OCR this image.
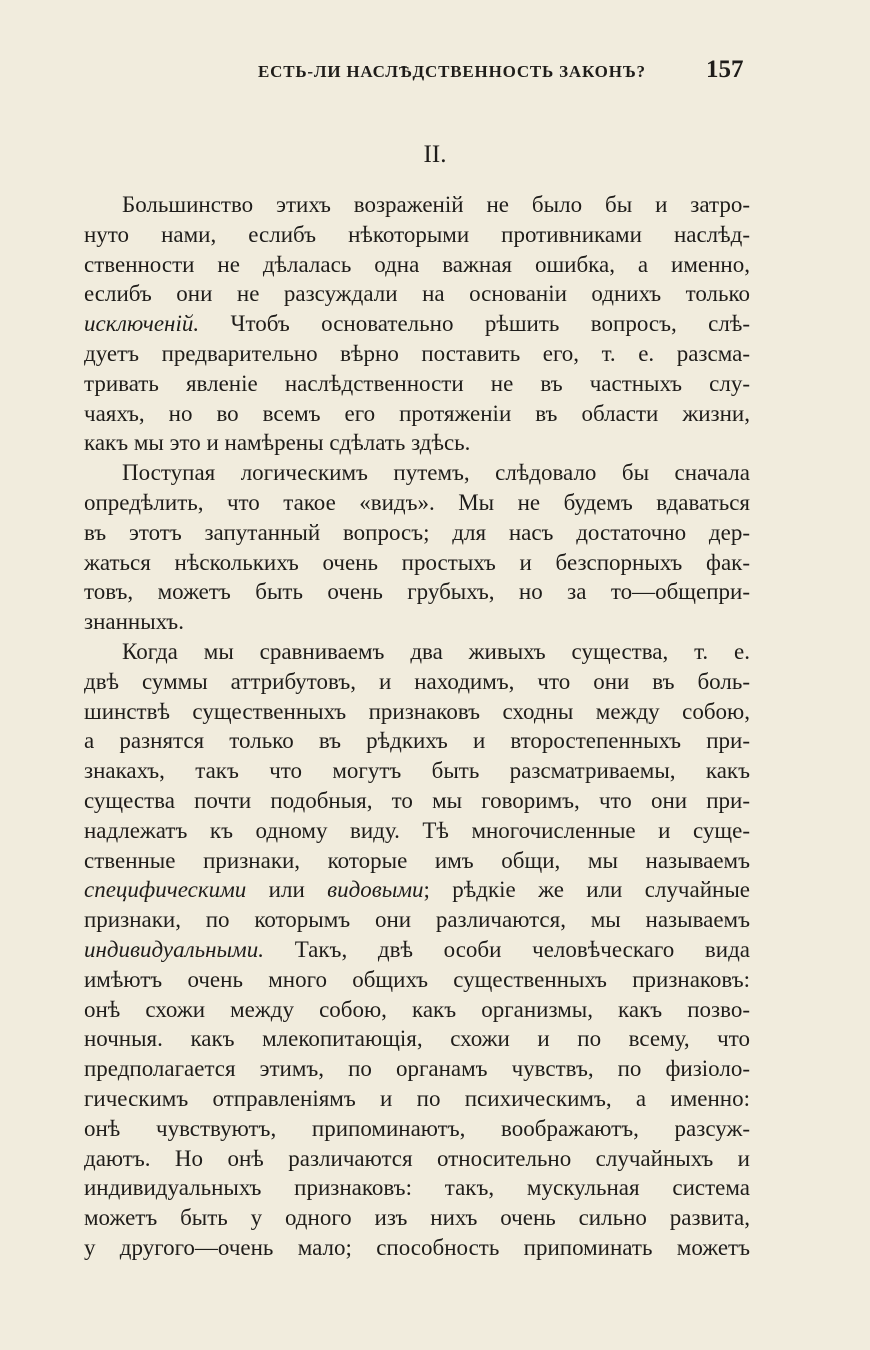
ЕСТЬ-ЛИ НАСЛѢДСТВЕННОСТЬ ЗАКОНЪ? 157
II.
Большинство этихъ возраженій не было бы и затро-
нуто нами, еслибъ нѣкоторыми противниками наслѣд-
ственности не дѣлалась одна важная ошибка, а именно,
еслибъ они не разсуждали на основаніи однихъ только
исключеній. Чтобъ основательно рѣшить вопросъ, слѣ-
дуетъ предварительно вѣрно поставить его, т. е. разсма-
тривать явленіе наслѣдственности не въ частныхъ слу-
чаяхъ, но во всемъ его протяженіи въ области жизни,
какъ мы это и намѣрены сдѣлать здѣсь.
Поступая логическимъ путемъ, слѣдовало бы сначала
опредѣлить, что такое «видъ». Мы не будемъ вдаваться
въ этотъ запутанный вопросъ; для насъ достаточно дер-
жаться нѣсколькихъ очень простыхъ и безспорныхъ фак-
товъ, можетъ быть очень грубыхъ, но за то—общепри-
знанныхъ.
Когда мы сравниваемъ два живыхъ существа, т. е.
двѣ суммы аттрибутовъ, и находимъ, что они въ боль-
шинствѣ существенныхъ признаковъ сходны между собою,
а разнятся только въ рѣдкихъ и второстепенныхъ при-
знакахъ, такъ что могутъ быть разсматриваемы, какъ
существа почти подобныя, то мы говоримъ, что они при-
надлежатъ къ одному виду. Тѣ многочисленные и суще-
ственные признаки, которые имъ общи, мы называемъ
специфическими или видовыми; рѣдкіе же или случайные
признаки, по которымъ они различаются, мы называемъ
индивидуальными. Такъ, двѣ особи человѣческаго вида
имѣютъ очень много общихъ существенныхъ признаковъ:
онѣ схожи между собою, какъ организмы, какъ позво-
ночныя. какъ млекопитающія, схожи и по всему, что
предполагается этимъ, по органамъ чувствъ, по физіоло-
гическимъ отправленіямъ и по психическимъ, а именно:
онѣ чувствуютъ, припоминаютъ, воображаютъ, разсуж-
даютъ. Но онѣ различаются относительно случайныхъ и
индивидуальныхъ признаковъ: такъ, мускульная система
можетъ быть у одного изъ нихъ очень сильно развита,
у другого—очень мало; способность припоминать можетъ
